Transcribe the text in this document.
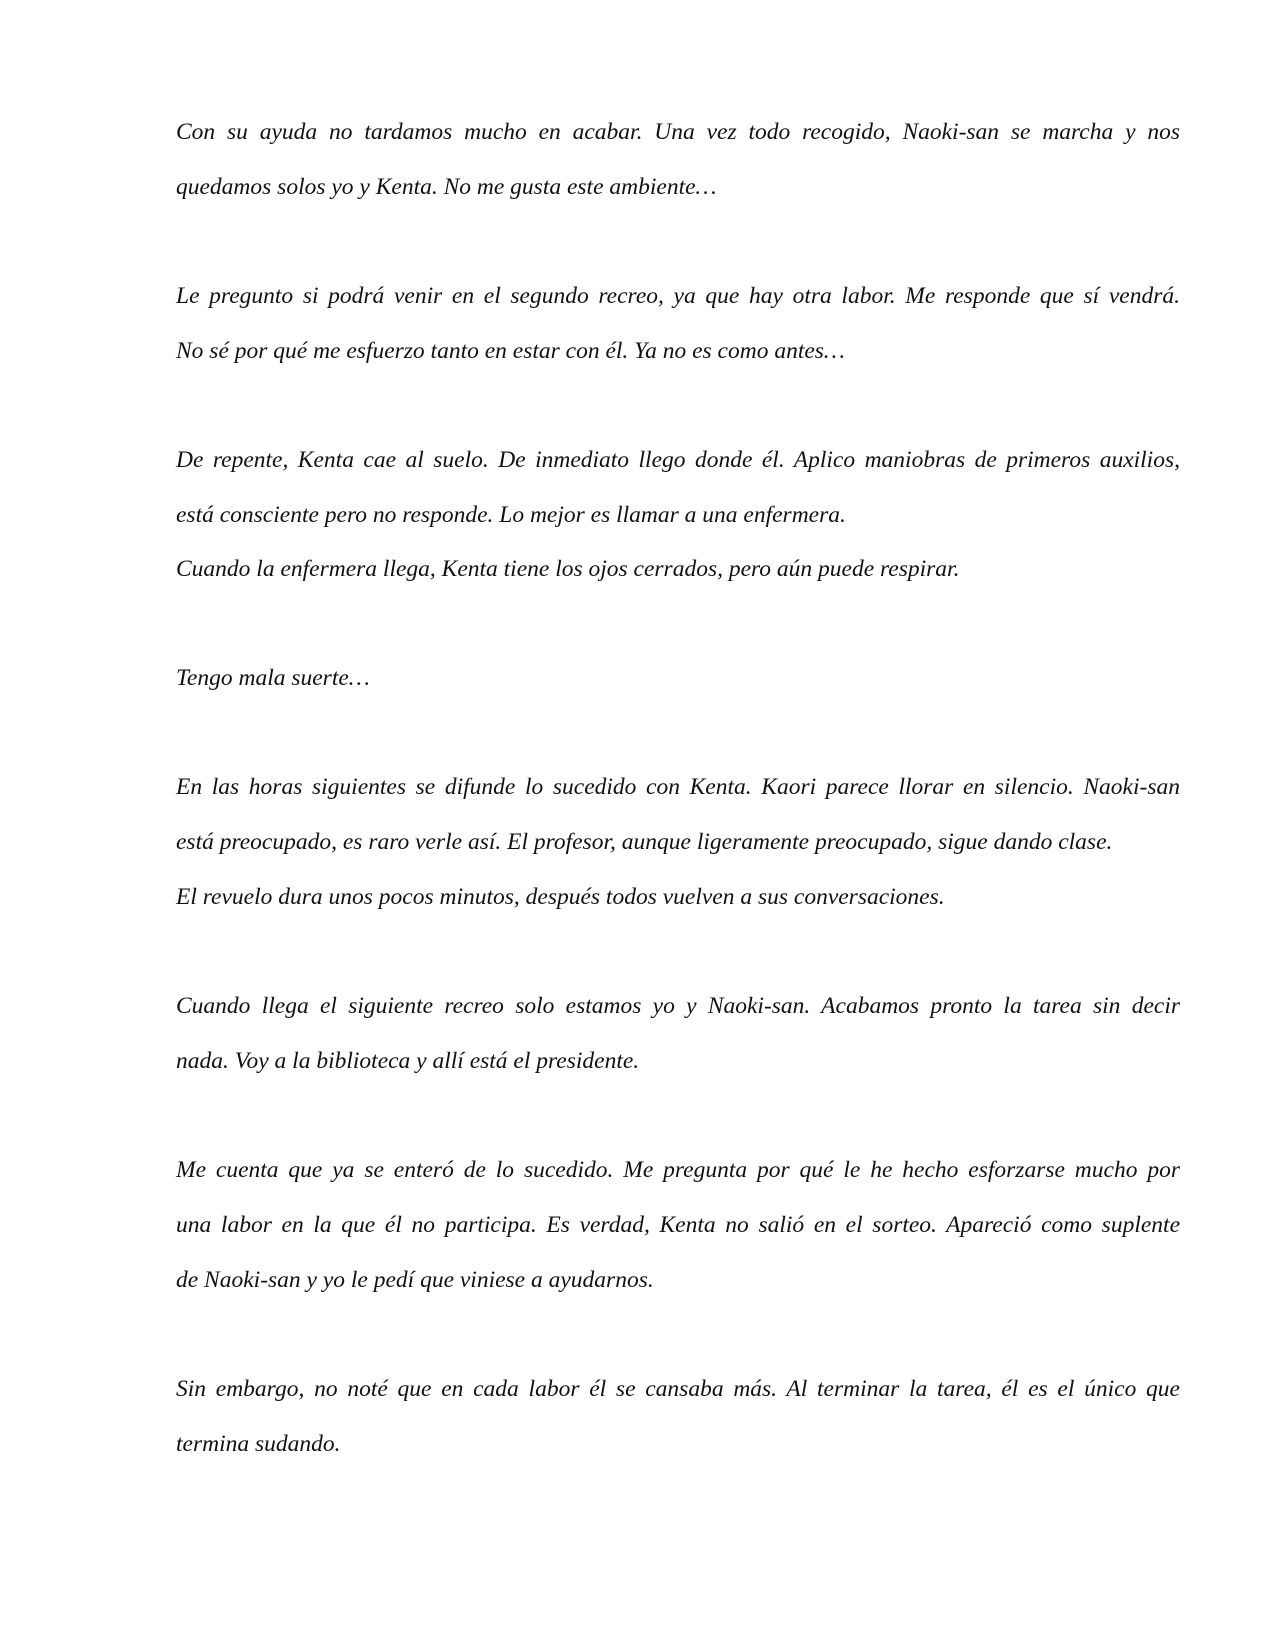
Con su ayuda no tardamos mucho en acabar. Una vez todo recogido, Naoki-san se marcha y nos

quedamos solos yo y Kenta. No me gusta este ambiente…

Le pregunto si podrá venir en el segundo recreo, ya que hay otra labor. Me responde que sí vendrá.

No sé por qué me esfuerzo tanto en estar con él. Ya no es como antes…

De repente, Kenta cae al suelo. De inmediato llego donde él. Aplico maniobras de primeros auxilios,

está consciente pero no responde. Lo mejor es llamar a una enfermera.

Cuando la enfermera llega, Kenta tiene los ojos cerrados, pero aún puede respirar.

Tengo mala suerte…

En las horas siguientes se difunde lo sucedido con Kenta. Kaori parece llorar en silencio. Naoki-san

está preocupado, es raro verle así. El profesor, aunque ligeramente preocupado, sigue dando clase.

El revuelo dura unos pocos minutos, después todos vuelven a sus conversaciones.

Cuando llega el siguiente recreo solo estamos yo y Naoki-san. Acabamos pronto la tarea sin decir

nada. Voy a la biblioteca y allí está el presidente.

Me cuenta que ya se enteró de lo sucedido. Me pregunta por qué le he hecho esforzarse mucho por

una labor en la que él no participa. Es verdad, Kenta no salió en el sorteo. Apareció como suplente

de Naoki-san y yo le pedí que viniese a ayudarnos.

Sin embargo, no noté que en cada labor él se cansaba más. Al terminar la tarea, él es el único que

termina sudando.
